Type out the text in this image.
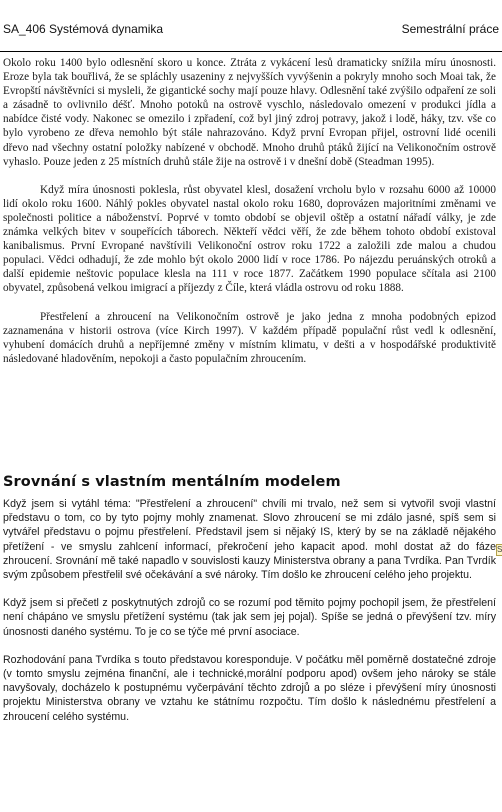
SA_406 Systémová dynamika	Semestrální práce

Okolo roku 1400 bylo odlesnění skoro u konce. Ztráta z vykácení lesů dramaticky snížila míru únosnosti. Eroze byla tak bouřlivá, že se spláchly usazeniny z nejvyšších vyvýšenin a pokryly mnoho soch Moai tak, že Evropští návštěvníci si mysleli, že gigantické sochy mají pouze hlavy. Odlesnění také zvýšilo odpaření ze soli a zásadně to ovlivnilo déšť. Mnoho potoků na ostrově vyschlo, následovalo omezení v produkci jídla a nabídce čisté vody. Nakonec se omezilo i zpřadení, což byl jiný zdroj potravy, jakož i lodě, háky, tzv. vše co bylo vyrobeno ze dřeva nemohlo být stále nahrazováno. Když první Evropan přijel, ostrovní lidé ocenili dřevo nad všechny ostatní položky nabízené v obchodě. Mnoho druhů ptáků žijící na Velikonočním ostrově vyhaslo. Pouze jeden z 25 místních druhů stále žije na ostrově i v dnešní době (Steadman 1995).

Když míra únosnosti poklesla, růst obyvatel klesl, dosažení vrcholu bylo v rozsahu 6000 až 10000 lidí okolo roku 1600. Náhlý pokles obyvatel nastal okolo roku 1680, doprovázen majoritními změnami ve společnosti politice a náboženství. Poprvé v tomto období se objevil oštěp a ostatní nářadí války, je zde známka velkých bitev v soupeřících táborech. Někteří vědci věří, že zde během tohoto období existoval kanibalismus. První Evropané navštívili Velikonoční ostrov roku 1722 a založili zde malou a chudou populaci. Vědci odhadují, že zde mohlo být okolo 2000 lidí v roce 1786. Po nájezdu peruánských otroků a další epidemie neštovic populace klesla na 111 v roce 1877. Začátkem 1990 populace sčítala asi 2100 obyvatel, způsobená velkou imigrací a příjezdy z Číle, která vládla ostrovu od roku 1888.

Přestřelení a zhroucení na Velikonočním ostrově je jako jedna z mnoha podobných epizod zaznamenána v historii ostrova (více Kirch 1997). V každém případě populační růst vedl k odlesnění, vyhubení domácích druhů a nepříjemné změny v místním klimatu, v dešti a v hospodářské produktivitě následované hladověním, nepokoji a často populačním zhroucením.

Srovnání s vlastním mentálním modelem

Když jsem si vytáhl téma: "Přestřelení a zhroucení" chvíli mi trvalo, než sem si vytvořil svoji vlastní představu o tom, co by tyto pojmy mohly znamenat. Slovo zhroucení se mi zdálo jasné, spíš sem si vytvářel představu o pojmu přestřelení. Představil jsem si nějaký IS, který by se na základě nějakého přetížení - ve smyslu zahlcení informací, překročení jeho kapacit apod. mohl dostat až do fáze zhroucení. Srovnání mě také napadlo v souvislosti kauzy Ministerstva obrany a pana Tvrdíka. Pan Tvrdík svým způsobem přestřelil své očekávání a své nároky. Tím došlo ke zhroucení celého jeho projektu.

Když jsem si přečetl z poskytnutých zdrojů co se rozumí pod těmito pojmy pochopil jsem, že přestřelení není chápáno ve smyslu přetížení systému (tak jak sem jej pojal). Spíše se jedná o převýšení tzv. míry únosnosti daného systému. To je co se týče mé první asociace.

Rozhodování pana Tvrdíka s touto představou koresponduje. V počátku měl poměrně dostatečné zdroje (v tomto smyslu zejména finanční, ale i technické,morální podporu apod) ovšem jeho nároky se stále navyšovaly, docházelo k postupnému vyčerpávání těchto zdrojů a po sléze i převýšení míry únosnosti projektu Ministerstva obrany ve vztahu ke státnímu rozpočtu. Tím došlo k následnému přestřelení a zhroucení celého systému.

S
